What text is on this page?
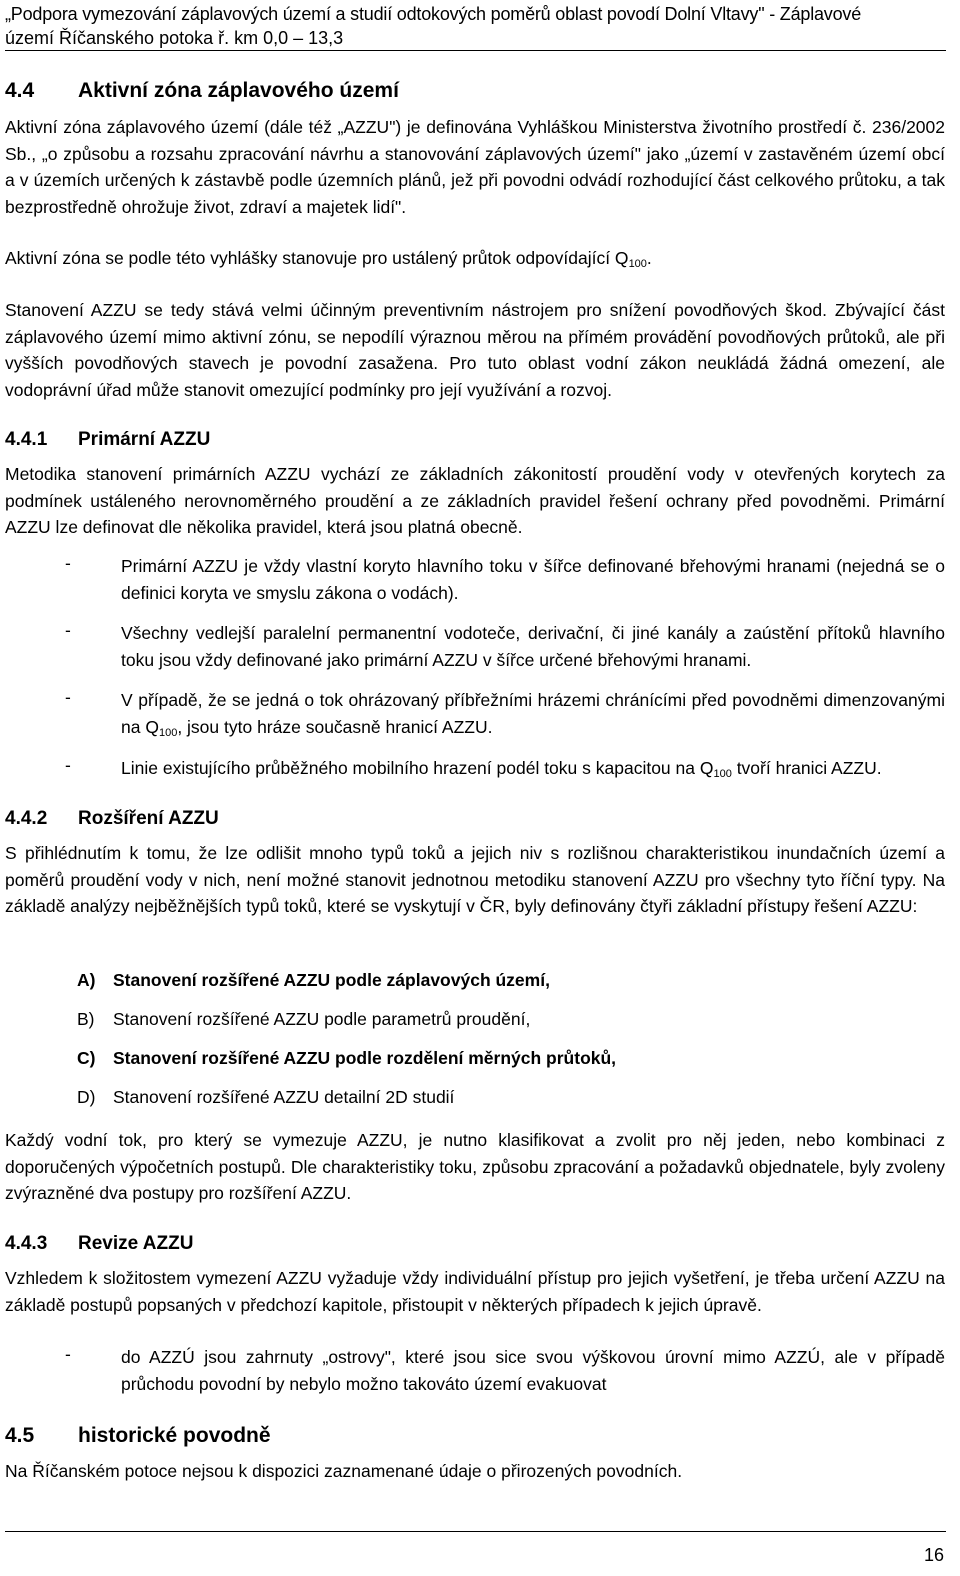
„Podpora vymezování záplavových území a studií odtokových poměrů oblast povodí Dolní Vltavy" - Záplavové
území Říčanského potoka ř. km 0,0 – 13,3
4.4 Aktivní zóna záplavového území

Aktivní zóna záplavového území (dále též „AZZU") je definována Vyhláškou Ministerstva životního prostředí č. 236/2002 Sb., „o způsobu a rozsahu zpracování návrhu a stanovování záplavových území" jako „území v zastavěném území obcí a v územích určených k zástavbě podle územních plánů, jež při povodni odvádí rozhodující část celkového průtoku, a tak bezprostředně ohrožuje život, zdraví a majetek lidí".

Aktivní zóna se podle této vyhlášky stanovuje pro ustálený průtok odpovídající $Q_{100}$.

Stanovení AZZU se tedy stává velmi účinným preventivním nástrojem pro snížení povodňových škod. Zbývající část záplavového území mimo aktivní zónu, se nepodílí výraznou měrou na přímém provádění povodňových průtoků, ale při vyšších povodňových stavech je povodní zasažena. Pro tuto oblast vodní zákon neukládá žádná omezení, ale vodoprávní úřad může stanovit omezující podmínky pro její využívání a rozvoj.

4.4.1 Primární AZZU

Metodika stanovení primárních AZZU vychází ze základních zákonitostí proudění vody v otevřených korytech za podmínek ustáleného nerovnoměrného proudění a ze základních pravidel řešení ochrany před povodněmi. Primární AZZU lze definovat dle několika pravidel, která jsou platná obecně.

-	Primární AZZU je vždy vlastní koryto hlavního toku v šířce definované břehovými hranami (nejedná se o definici koryta ve smyslu zákona o vodách).
-	Všechny vedlejší paralelní permanentní vodoteče, derivační, či jiné kanály a zaústění přítoků hlavního toku jsou vždy definované jako primární AZZU v šířce určené břehovými hranami.
-	V případě, že se jedná o tok ohrázovaný příbřežními hrázemi chránícími před povodněmi dimenzovanými na $Q_{100}$, jsou tyto hráze současně hranicí AZZU.
-	Linie existujícího průběžného mobilního hrazení podél toku s kapacitou na $Q_{100}$ tvoří hranici AZZU.
4.4.2 Rozšíření AZZU

S přihlédnutím k tomu, že lze odlišit mnoho typů toků a jejich niv s rozlišnou charakteristikou inundačních území a poměrů proudění vody v nich, není možné stanovit jednotnou metodiku stanovení AZZU pro všechny tyto říční typy. Na základě analýzy nejběžnějších typů toků, které se vyskytují v ČR, byly definovány čtyři základní přístupy řešení AZZU:

A) Stanovení rozšířené AZZU podle záplavových území,
B) Stanovení rozšířené AZZU podle parametrů proudění,
C) Stanovení rozšířené AZZU podle rozdělení měrných průtoků,
D) Stanovení rozšířené AZZU detailní 2D studií

Každý vodní tok, pro který se vymezuje AZZU, je nutno klasifikovat a zvolit pro něj jeden, nebo kombinaci z doporučených výpočetních postupů. Dle charakteristiky toku, způsobu zpracování a požadavků objednatele, byly zvoleny zvýrazněné dva postupy pro rozšíření AZZU.

4.4.3 Revize AZZU

Vzhledem k složitostem vymezení AZZU vyžaduje vždy individuální přístup pro jejich vyšetření, je třeba určení AZZU na základě postupů popsaných v předchozí kapitole, přistoupit v některých případech k jejich úpravě.

-	do AZZÚ jsou zahrnuty „ostrovy", které jsou sice svou výškovou úrovní mimo AZZÚ, ale v případě průchodu povodní by nebylo možno takováto území evakuovat
4.5 historické povodně

Na Říčanském potoce nejsou k dispozici zaznamenané údaje o přirozených povodních.

16
